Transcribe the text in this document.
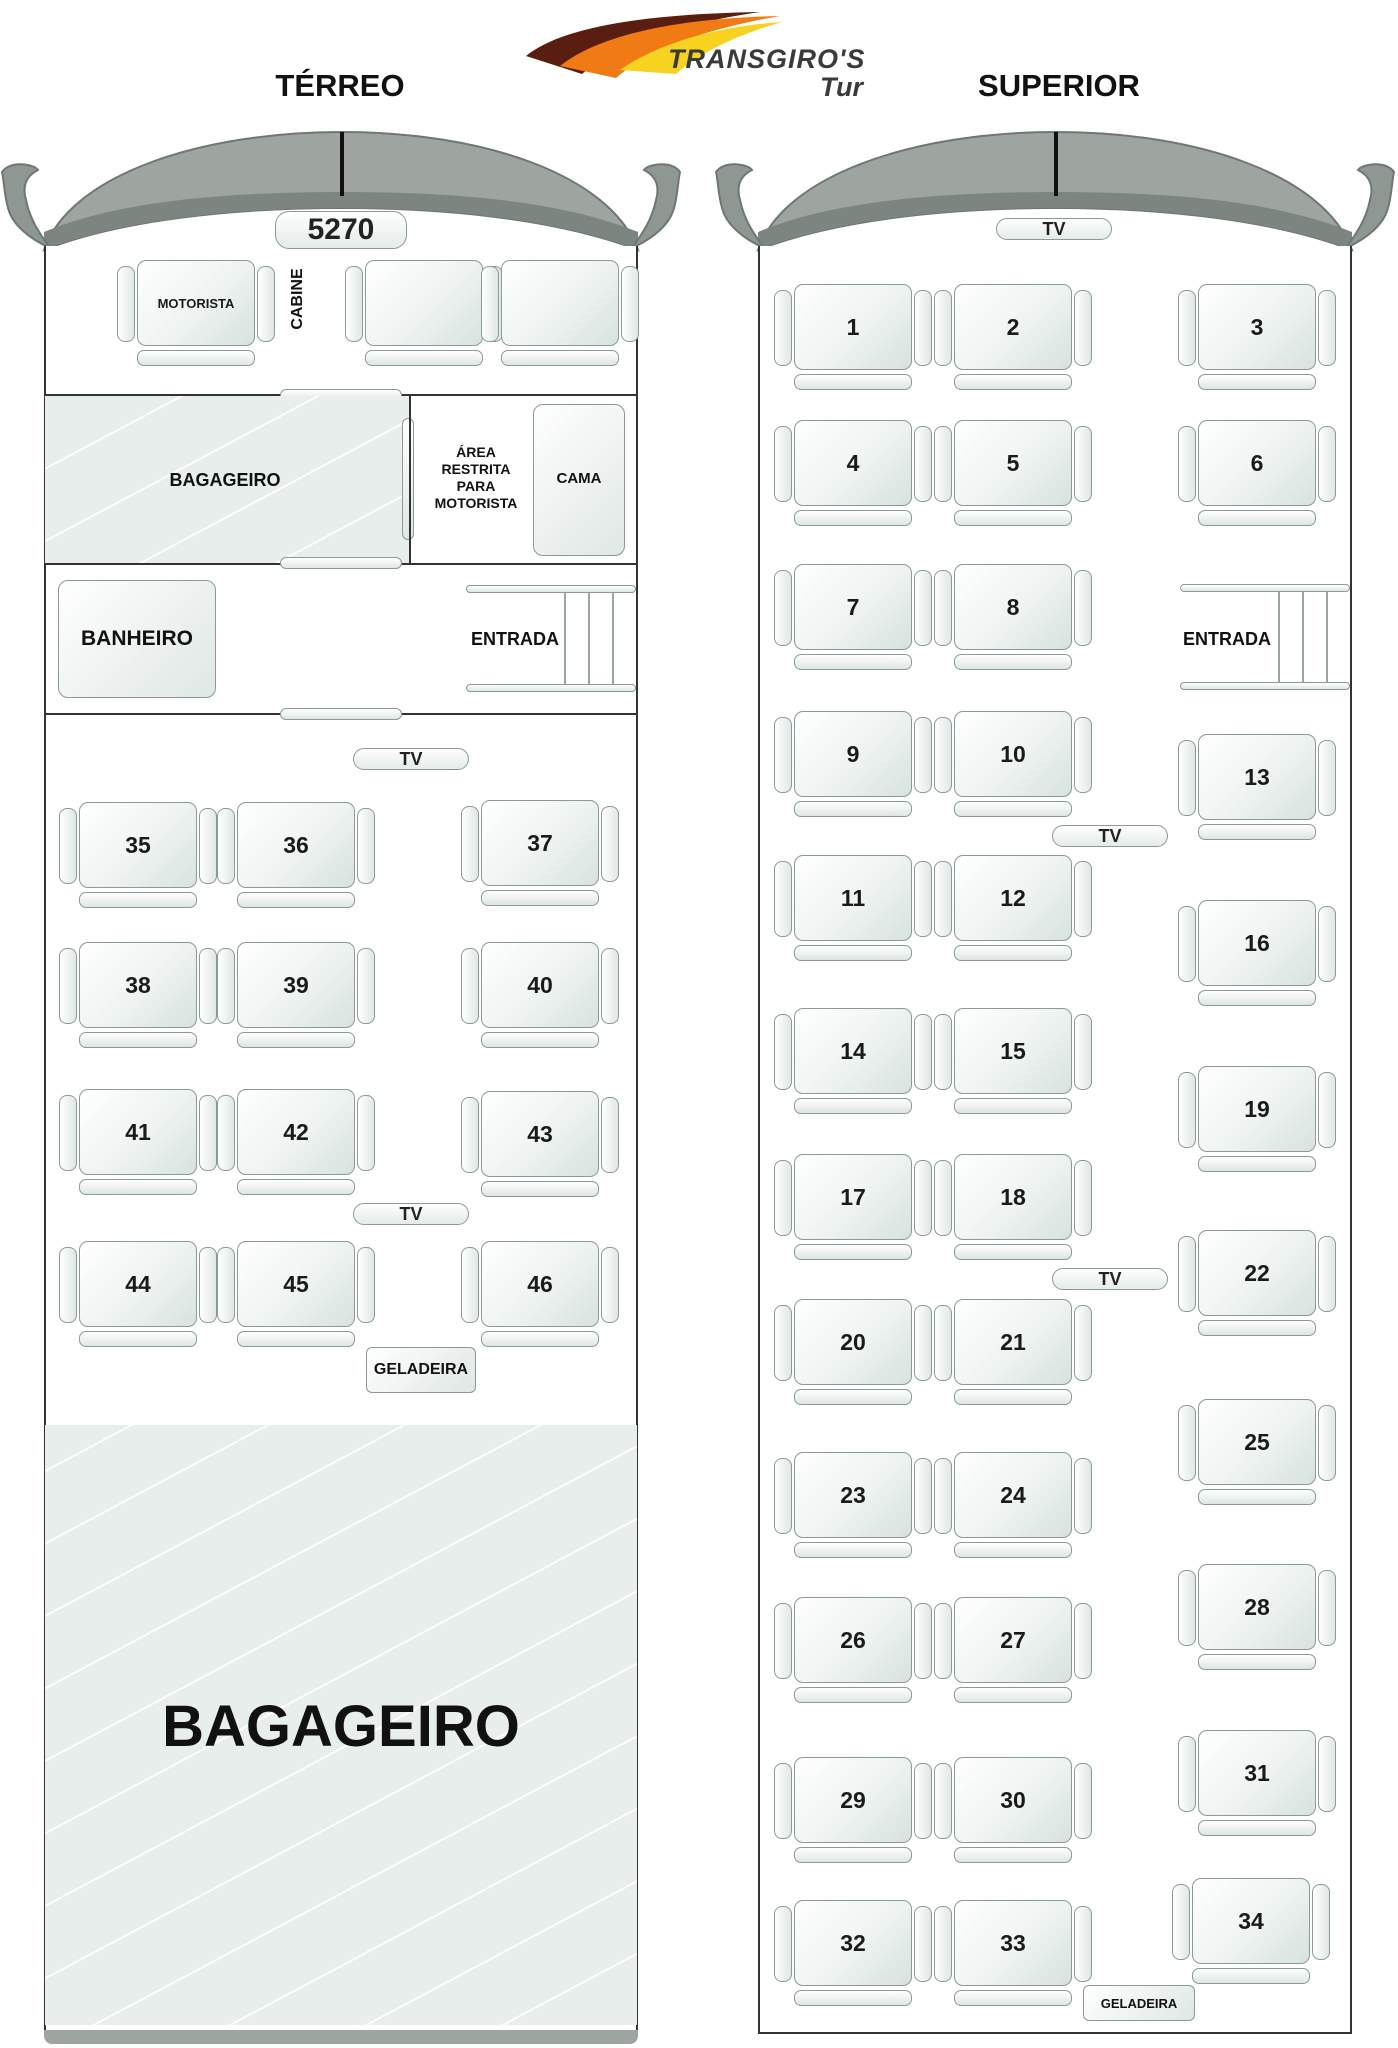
TRANSGIRO'S
Tur
TÉRREO	SUPERIOR
5270
MOTORISTA	CABINE
BAGAGEIRO
ÁREA RESTRITA PARA MOTORISTA
CAMA
BANHEIRO	ENTRADA
TV
35	36	37
38	39	40
41	42	43
TV
44	45	46
GELADEIRA
BAGAGEIRO
TV
1	2	3
4	5	6
7	8
ENTRADA
9	10
13
TV
11	12
16
14	15
19
17	18
TV	22
20	21
25
23	24
28
26	27
31
29	30
32	33
34
GELADEIRA
